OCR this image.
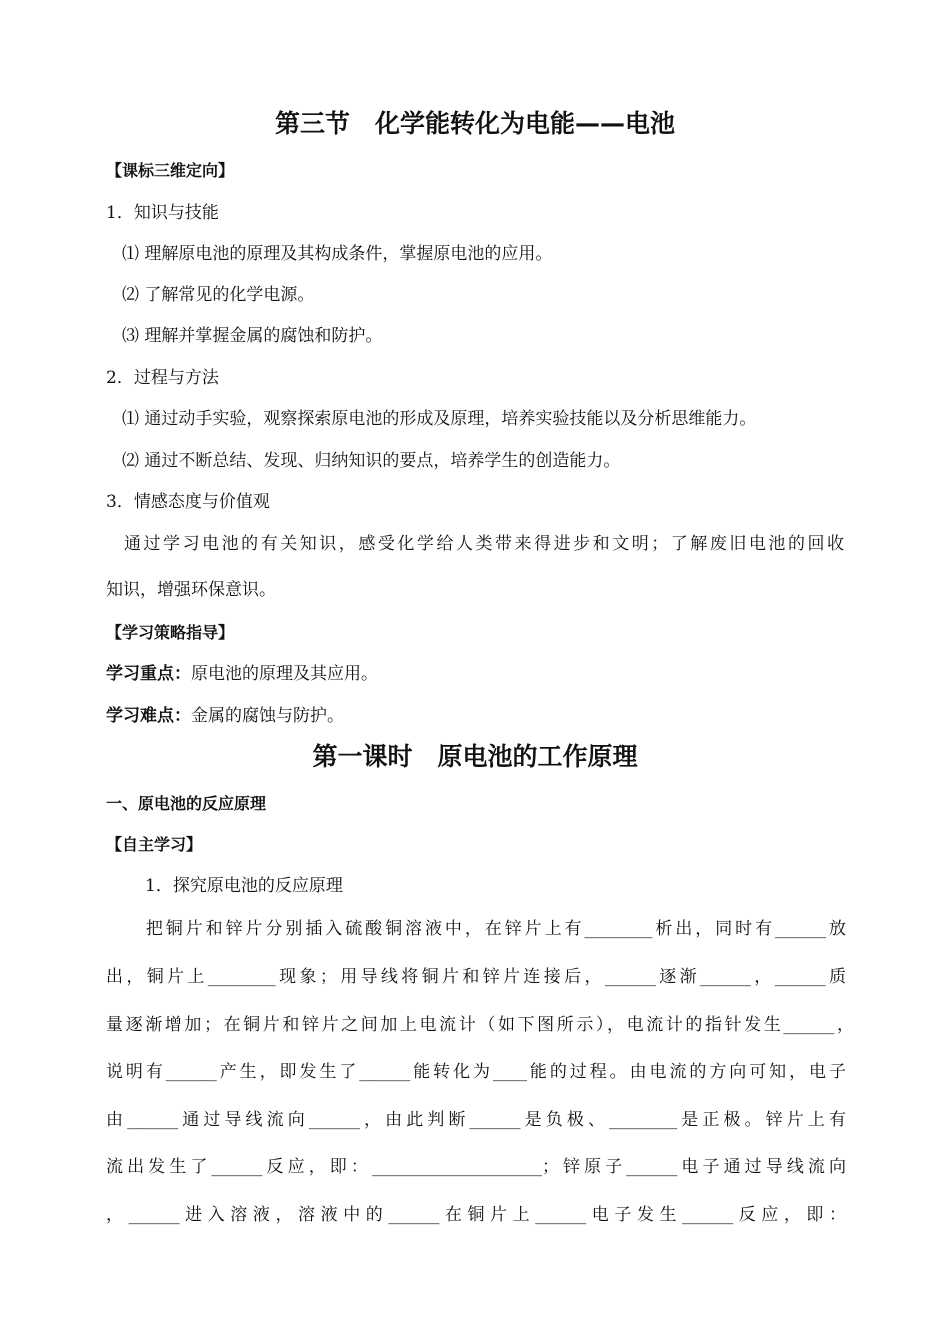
第三节　化学能转化为电能——电池
【课标三维定向】
1．知识与技能
⑴ 理解原电池的原理及其构成条件，掌握原电池的应用。
⑵ 了解常见的化学电源。
⑶ 理解并掌握金属的腐蚀和防护。
2．过程与方法
⑴ 通过动手实验，观察探索原电池的形成及原理，培养实验技能以及分析思维能力。
⑵ 通过不断总结、发现、归纳知识的要点，培养学生的创造能力。
3．情感态度与价值观
通过学习电池的有关知识，感受化学给人类带来得进步和文明；了解废旧电池的回收
知识，增强环保意识。
【学习策略指导】
学习重点：原电池的原理及其应用。
学习难点：金属的腐蚀与防护。
第一课时　原电池的工作原理
一、原电池的反应原理
【自主学习】
1．探究原电池的反应原理
　　把铜片和锌片分别插入硫酸铜溶液中，在锌片上有________析出，同时有______放
出，铜片上________现象；用导线将铜片和锌片连接后，______逐渐______，______质
量逐渐增加；在铜片和锌片之间加上电流计（如下图所示），电流计的指针发生______，
说明有______产生，即发生了______能转化为____能的过程。由电流的方向可知，电子
由______通过导线流向______，由此判断______是负极、________是正极。锌片上有
流出发生了______反应，即：____________________；锌原子______电子通过导线流向
，______进入溶液，溶液中的______在铜片上______电子发生______反应，即：
